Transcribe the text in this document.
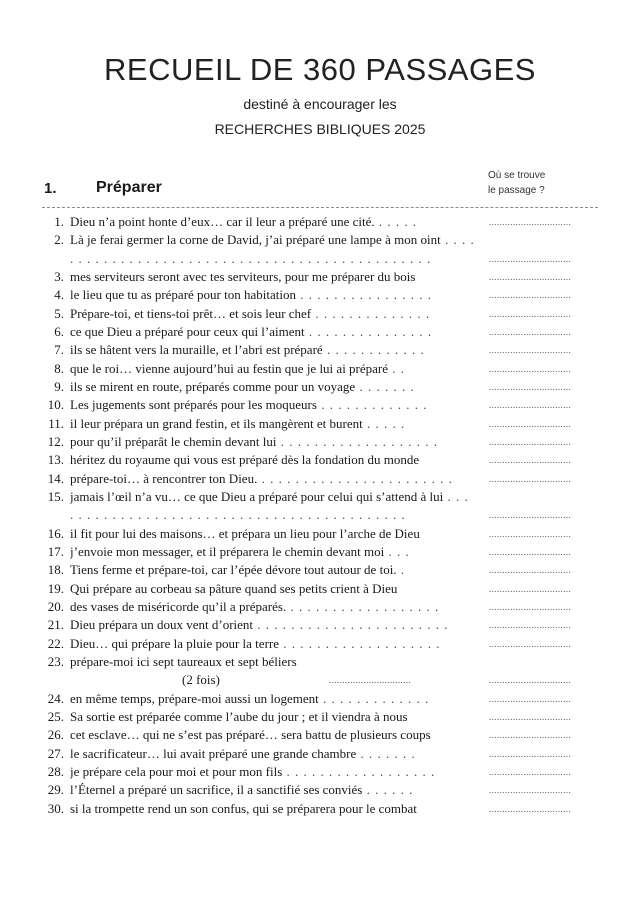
RECUEIL DE 360 PASSAGES
destiné à encourager les
RECHERCHES BIBLIQUES 2025
1. Préparer
Où se trouve
le passage ?
1. Dieu n’a point honte d’eux… car il leur a préparé une cité. . . . . .	...............................
2. Là je ferai germer la corne de David, j’ai préparé une lampe à mon oint . . . . . . . . . . . . . . . . . . . . . . . . . . . . . . . . . . . . . . . . . . . . . . .	...............................
3. mes serviteurs seront avec tes serviteurs, pour me préparer du bois	...............................
4. le lieu que tu as préparé pour ton habitation . . . . . . . . . . . . . . . .	...............................
5. Prépare-toi, et tiens-toi prêt… et sois leur chef . . . . . . . . . . . . . .	...............................
6. ce que Dieu a préparé pour ceux qui l’aiment . . . . . . . . . . . . . . .	...............................
7. ils se hâtent vers la muraille, et l’abri est préparé . . . . . . . . . . . .	...............................
8. que le roi… vienne aujourd’hui au festin que je lui ai préparé . .	...............................
9. ils se mirent en route, préparés comme pour un voyage . . . . . . .	...............................
10. Les jugements sont préparés pour les moqueurs . . . . . . . . . . . . .	...............................
11. il leur prépara un grand festin, et ils mangèrent et burent . . . . .	...............................
12. pour qu’il préparât le chemin devant lui . . . . . . . . . . . . . . . . . . .	...............................
13. héritez du royaume qui vous est préparé dès la fondation du monde	...............................
14. prépare-toi… à rencontrer ton Dieu. . . . . . . . . . . . . . . . . . . . . . . .	...............................
15. jamais l’œil n’a vu… ce que Dieu a préparé pour celui qui s’attend à lui . . . . . . . . . . . . . . . . . . . . . . . . . . . . . . . . . . . . . . . . . . .	...............................
16. il fit pour lui des maisons… et prépara un lieu pour l’arche de Dieu	...............................
17. j’envoie mon messager, et il préparera le chemin devant moi . . .	...............................
18. Tiens ferme et prépare-toi, car l’épée dévore tout autour de toi. .	...............................
19. Qui prépare au corbeau sa pâture quand ses petits crient à Dieu	...............................
20. des vases de miséricorde qu’il a préparés. . . . . . . . . . . . . . . . . . .	...............................
21. Dieu prépara un doux vent d’orient . . . . . . . . . . . . . . . . . . . . . . .	...............................
22. Dieu… qui prépare la pluie pour la terre . . . . . . . . . . . . . . . . . . .	...............................
23. prépare-moi ici sept taureaux et sept béliers
(2 fois)	...............................	...............................
24. en même temps, prépare-moi aussi un logement . . . . . . . . . . . . .	...............................
25. Sa sortie est préparée comme l’aube du jour ; et il viendra à nous	...............................
26. cet esclave… qui ne s’est pas préparé… sera battu de plusieurs coups	...............................
27. le sacrificateur… lui avait préparé une grande chambre . . . . . . .	...............................
28. je prépare cela pour moi et pour mon fils . . . . . . . . . . . . . . . . . .	...............................
29. l’Éternel a préparé un sacrifice, il a sanctifié ses conviés . . . . . .	...............................
30. si la trompette rend un son confus, qui se préparera pour le combat	...............................
